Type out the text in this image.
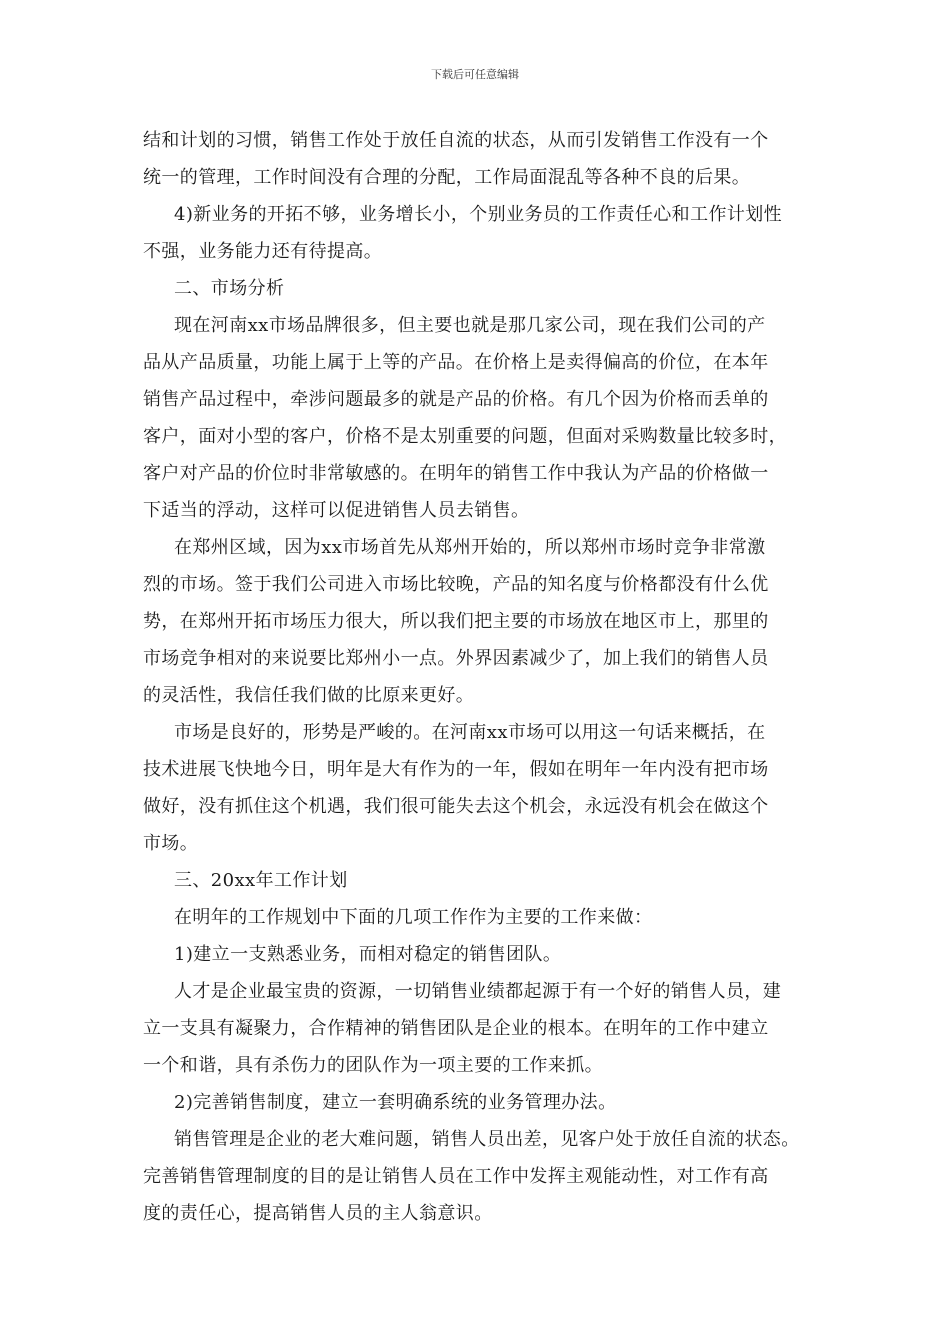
下载后可任意编辑
结和计划的习惯，销售工作处于放任自流的状态，从而引发销售工作没有一个
统一的管理，工作时间没有合理的分配，工作局面混乱等各种不良的后果。
4)新业务的开拓不够，业务增长小，个别业务员的工作责任心和工作计划性
不强，业务能力还有待提高。
二、市场分析
现在河南xx市场品牌很多，但主要也就是那几家公司，现在我们公司的产
品从产品质量，功能上属于上等的产品。在价格上是卖得偏高的价位，在本年
销售产品过程中，牵涉问题最多的就是产品的价格。有几个因为价格而丢单的
客户，面对小型的客户，价格不是太别重要的问题，但面对采购数量比较多时，
客户对产品的价位时非常敏感的。在明年的销售工作中我认为产品的价格做一
下适当的浮动，这样可以促进销售人员去销售。
在郑州区域，因为xx市场首先从郑州开始的，所以郑州市场时竞争非常激
烈的市场。签于我们公司进入市场比较晚，产品的知名度与价格都没有什么优
势，在郑州开拓市场压力很大，所以我们把主要的市场放在地区市上，那里的
市场竞争相对的来说要比郑州小一点。外界因素减少了，加上我们的销售人员
的灵活性，我信任我们做的比原来更好。
市场是良好的，形势是严峻的。在河南xx市场可以用这一句话来概括，在
技术进展飞快地今日，明年是大有作为的一年，假如在明年一年内没有把市场
做好，没有抓住这个机遇，我们很可能失去这个机会，永远没有机会在做这个
市场。
三、20xx年工作计划
在明年的工作规划中下面的几项工作作为主要的工作来做：
1)建立一支熟悉业务，而相对稳定的销售团队。
人才是企业最宝贵的资源，一切销售业绩都起源于有一个好的销售人员，建
立一支具有凝聚力，合作精神的销售团队是企业的根本。在明年的工作中建立
一个和谐，具有杀伤力的团队作为一项主要的工作来抓。
2)完善销售制度，建立一套明确系统的业务管理办法。
销售管理是企业的老大难问题，销售人员出差，见客户处于放任自流的状态。
完善销售管理制度的目的是让销售人员在工作中发挥主观能动性，对工作有高
度的责任心，提高销售人员的主人翁意识。
